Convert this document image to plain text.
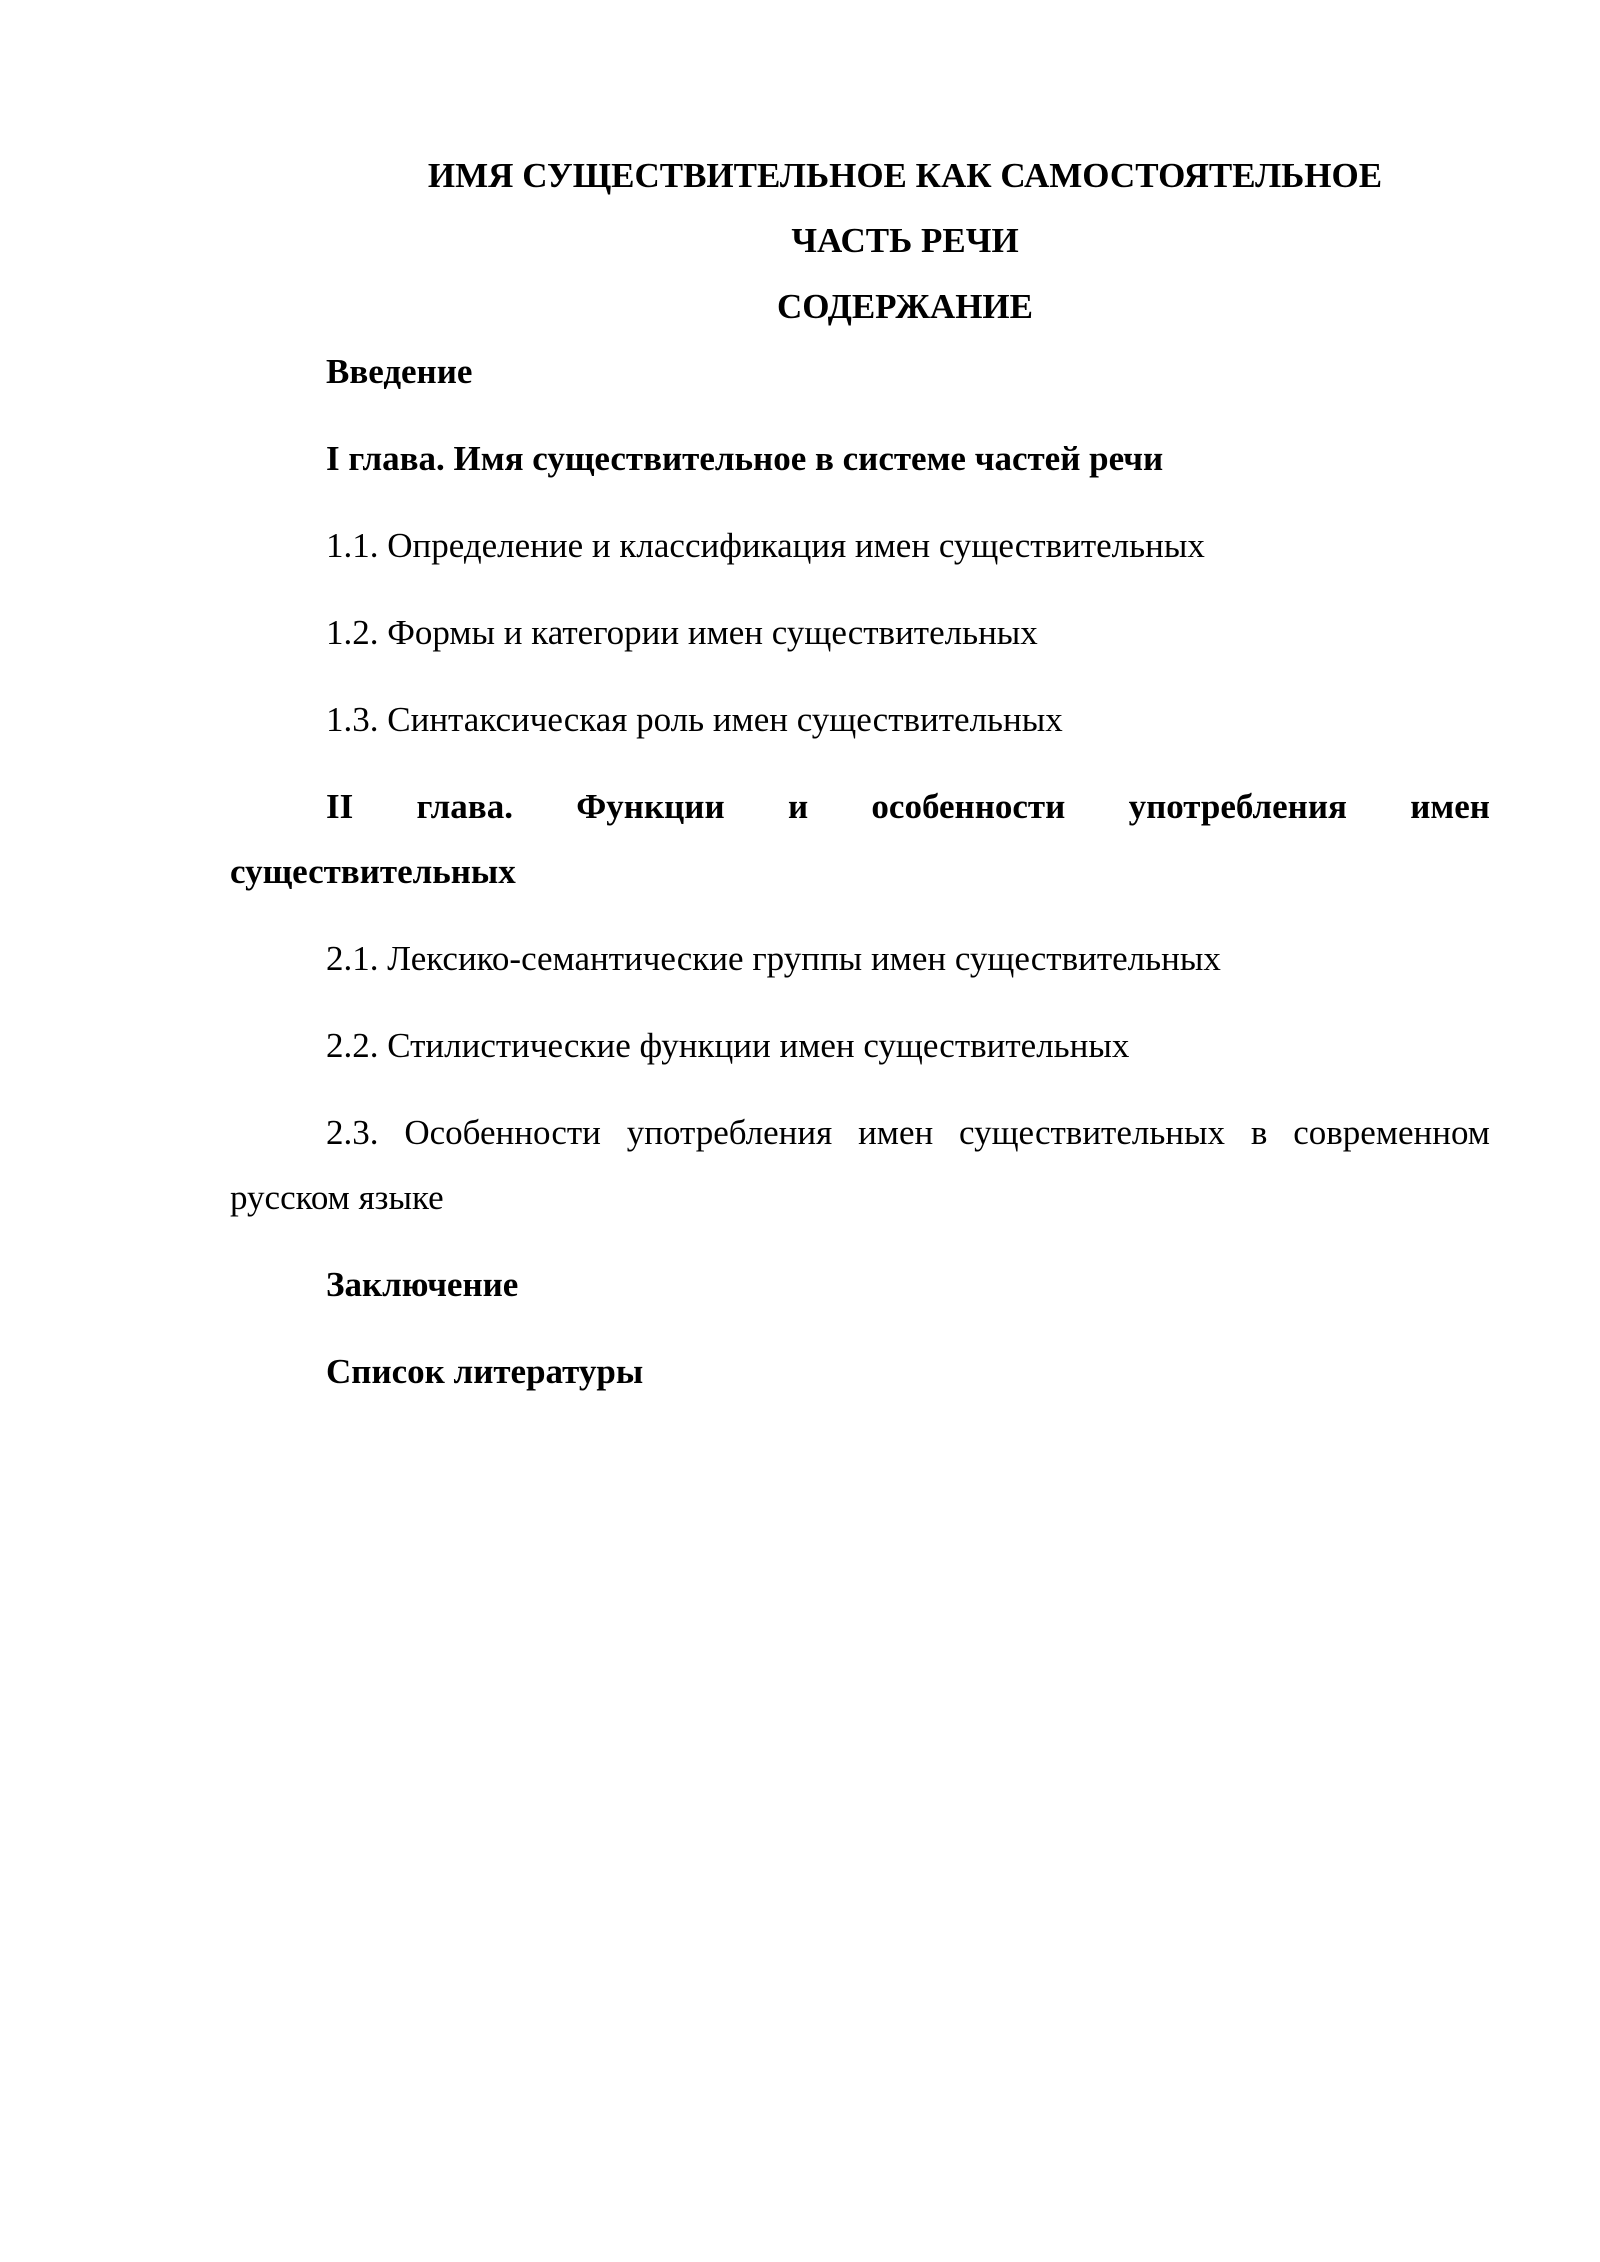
ИМЯ СУЩЕСТВИТЕЛЬНОЕ КАК САМОСТОЯТЕЛЬНОЕ
ЧАСТЬ РЕЧИ
СОДЕРЖАНИЕ
Введение
I глава. Имя существительное в системе частей речи
1.1. Определение и классификация имен существительных
1.2. Формы и категории имен существительных
1.3. Синтаксическая роль имен существительных
II глава. Функции и особенности употребления имен
существительных
2.1. Лексико-семантические группы имен существительных
2.2. Стилистические функции имен существительных
2.3. Особенности употребления имен существительных в современном
русском языке
Заключение
Список литературы
